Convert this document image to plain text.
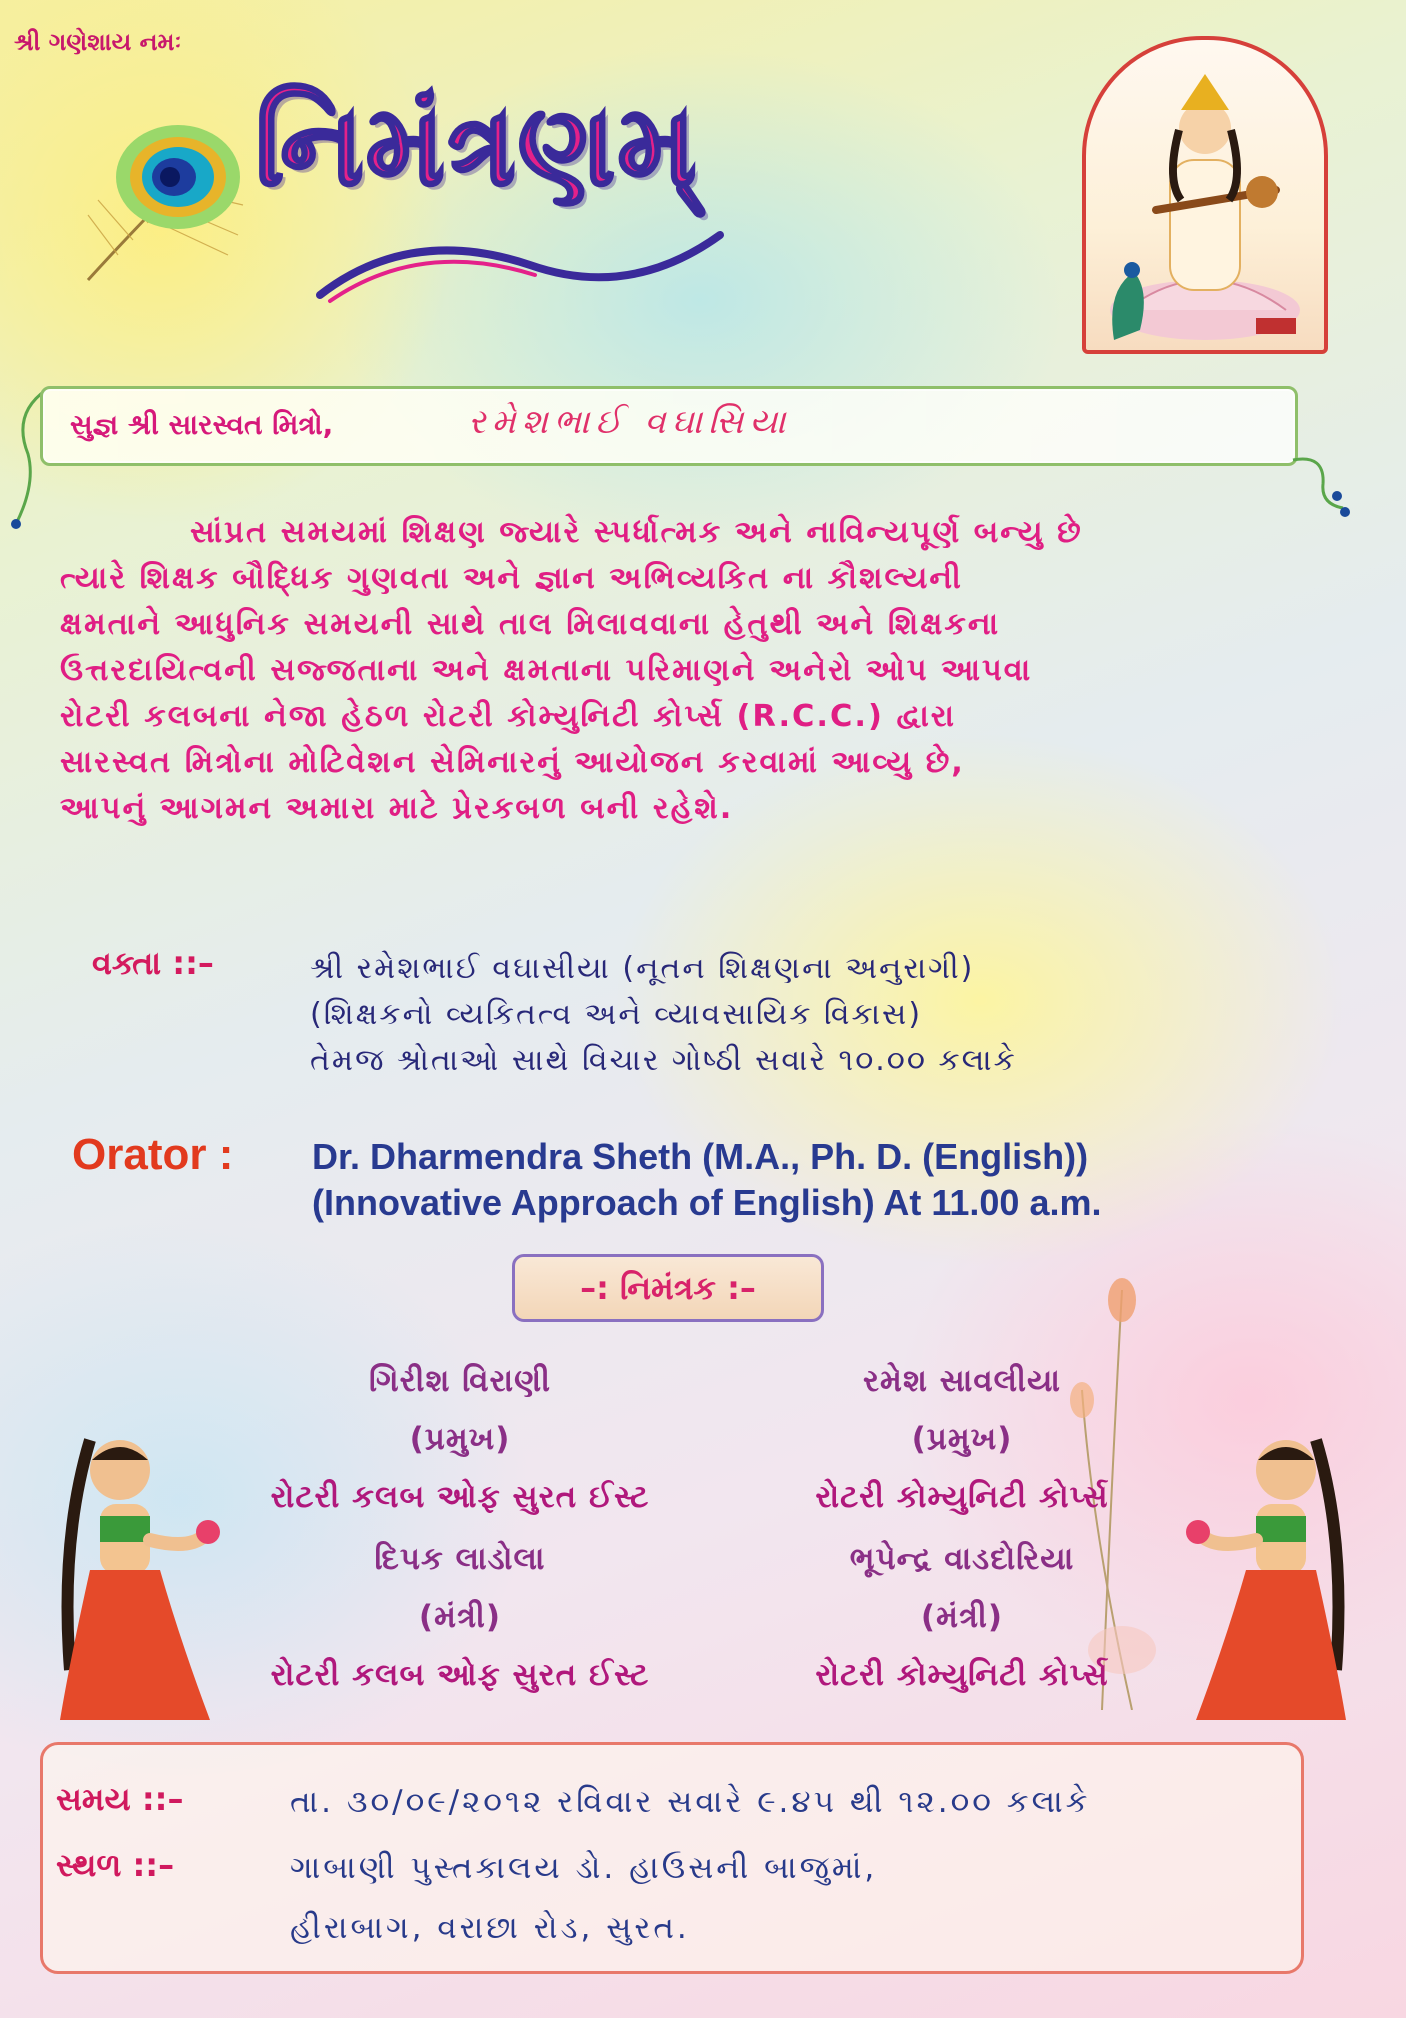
શ્રી ગણેશાય નમઃ
નિમંત્રણમ્
સુજ્ઞ શ્રી સારસ્વત મિત્રો,	રમેશભાઈ વઘાસિયા
સાંપ્રત સમયમાં શિક્ષણ જ્યારે સ્પર્ધાત્મક અને નાવિન્યપૂર્ણ બન્યુ છે
ત્યારે શિક્ષક બૌદ્ધિક ગુણવતા અને જ્ઞાન અભિવ્યકિત ના કૌશલ્યની
ક્ષમતાને આધુનિક સમયની સાથે તાલ મિલાવવાના હેતુથી અને શિક્ષકના
ઉત્તરદાયિત્વની સજ્જતાના અને ક્ષમતાના પરિમાણને અનેરો ઓપ આપવા
રોટરી કલબના નેજા હેઠળ રોટરી કોમ્યુનિટી કોર્પ્સ (R.C.C.) દ્વારા
સારસ્વત મિત્રોના મોટિવેશન સેમિનારનું આયોજન કરવામાં આવ્યુ છે,
આપનું આગમન અમારા માટે પ્રેરકબળ બની રહેશે.
વક્તા ::–	શ્રી રમેશભાઈ વઘાસીયા (નૂતન શિક્ષણના અનુરાગી)
(શિક્ષકનો વ્યકિતત્વ અને વ્યાવસાયિક વિકાસ)
તેમજ શ્રોતાઓ સાથે વિચાર ગોષ્ઠી સવારે ૧૦.૦૦ કલાકે
Orator : Dr. Dharmendra Sheth (M.A., Ph. D. (English))
(Innovative Approach of English) At 11.00 a.m.
–: નિમંત્રક :–
ગિરીશ વિરાણી
(પ્રમુખ)
રોટરી કલબ ઓફ સુરત ઈસ્ટ
રમેશ સાવલીયા
(પ્રમુખ)
રોટરી કોમ્યુનિટી કોર્પ્સ
દિપક લાડોલા
(મંત્રી)
રોટરી કલબ ઓફ સુરત ઈસ્ટ
ભૂપેન્દ્ર વાડદોરિયા
(મંત્રી)
રોટરી કોમ્યુનિટી કોર્પ્સ
સમય ::–	તા. ૩૦/૦૯/૨૦૧૨ રવિવાર સવારે ૯.૪૫ થી ૧૨.૦૦ કલાકે
સ્થળ ::–	ગાબાણી પુસ્તકાલય ડો. હાઉસની બાજુમાં,
હીરાબાગ, વરાછા રોડ, સુરત.
